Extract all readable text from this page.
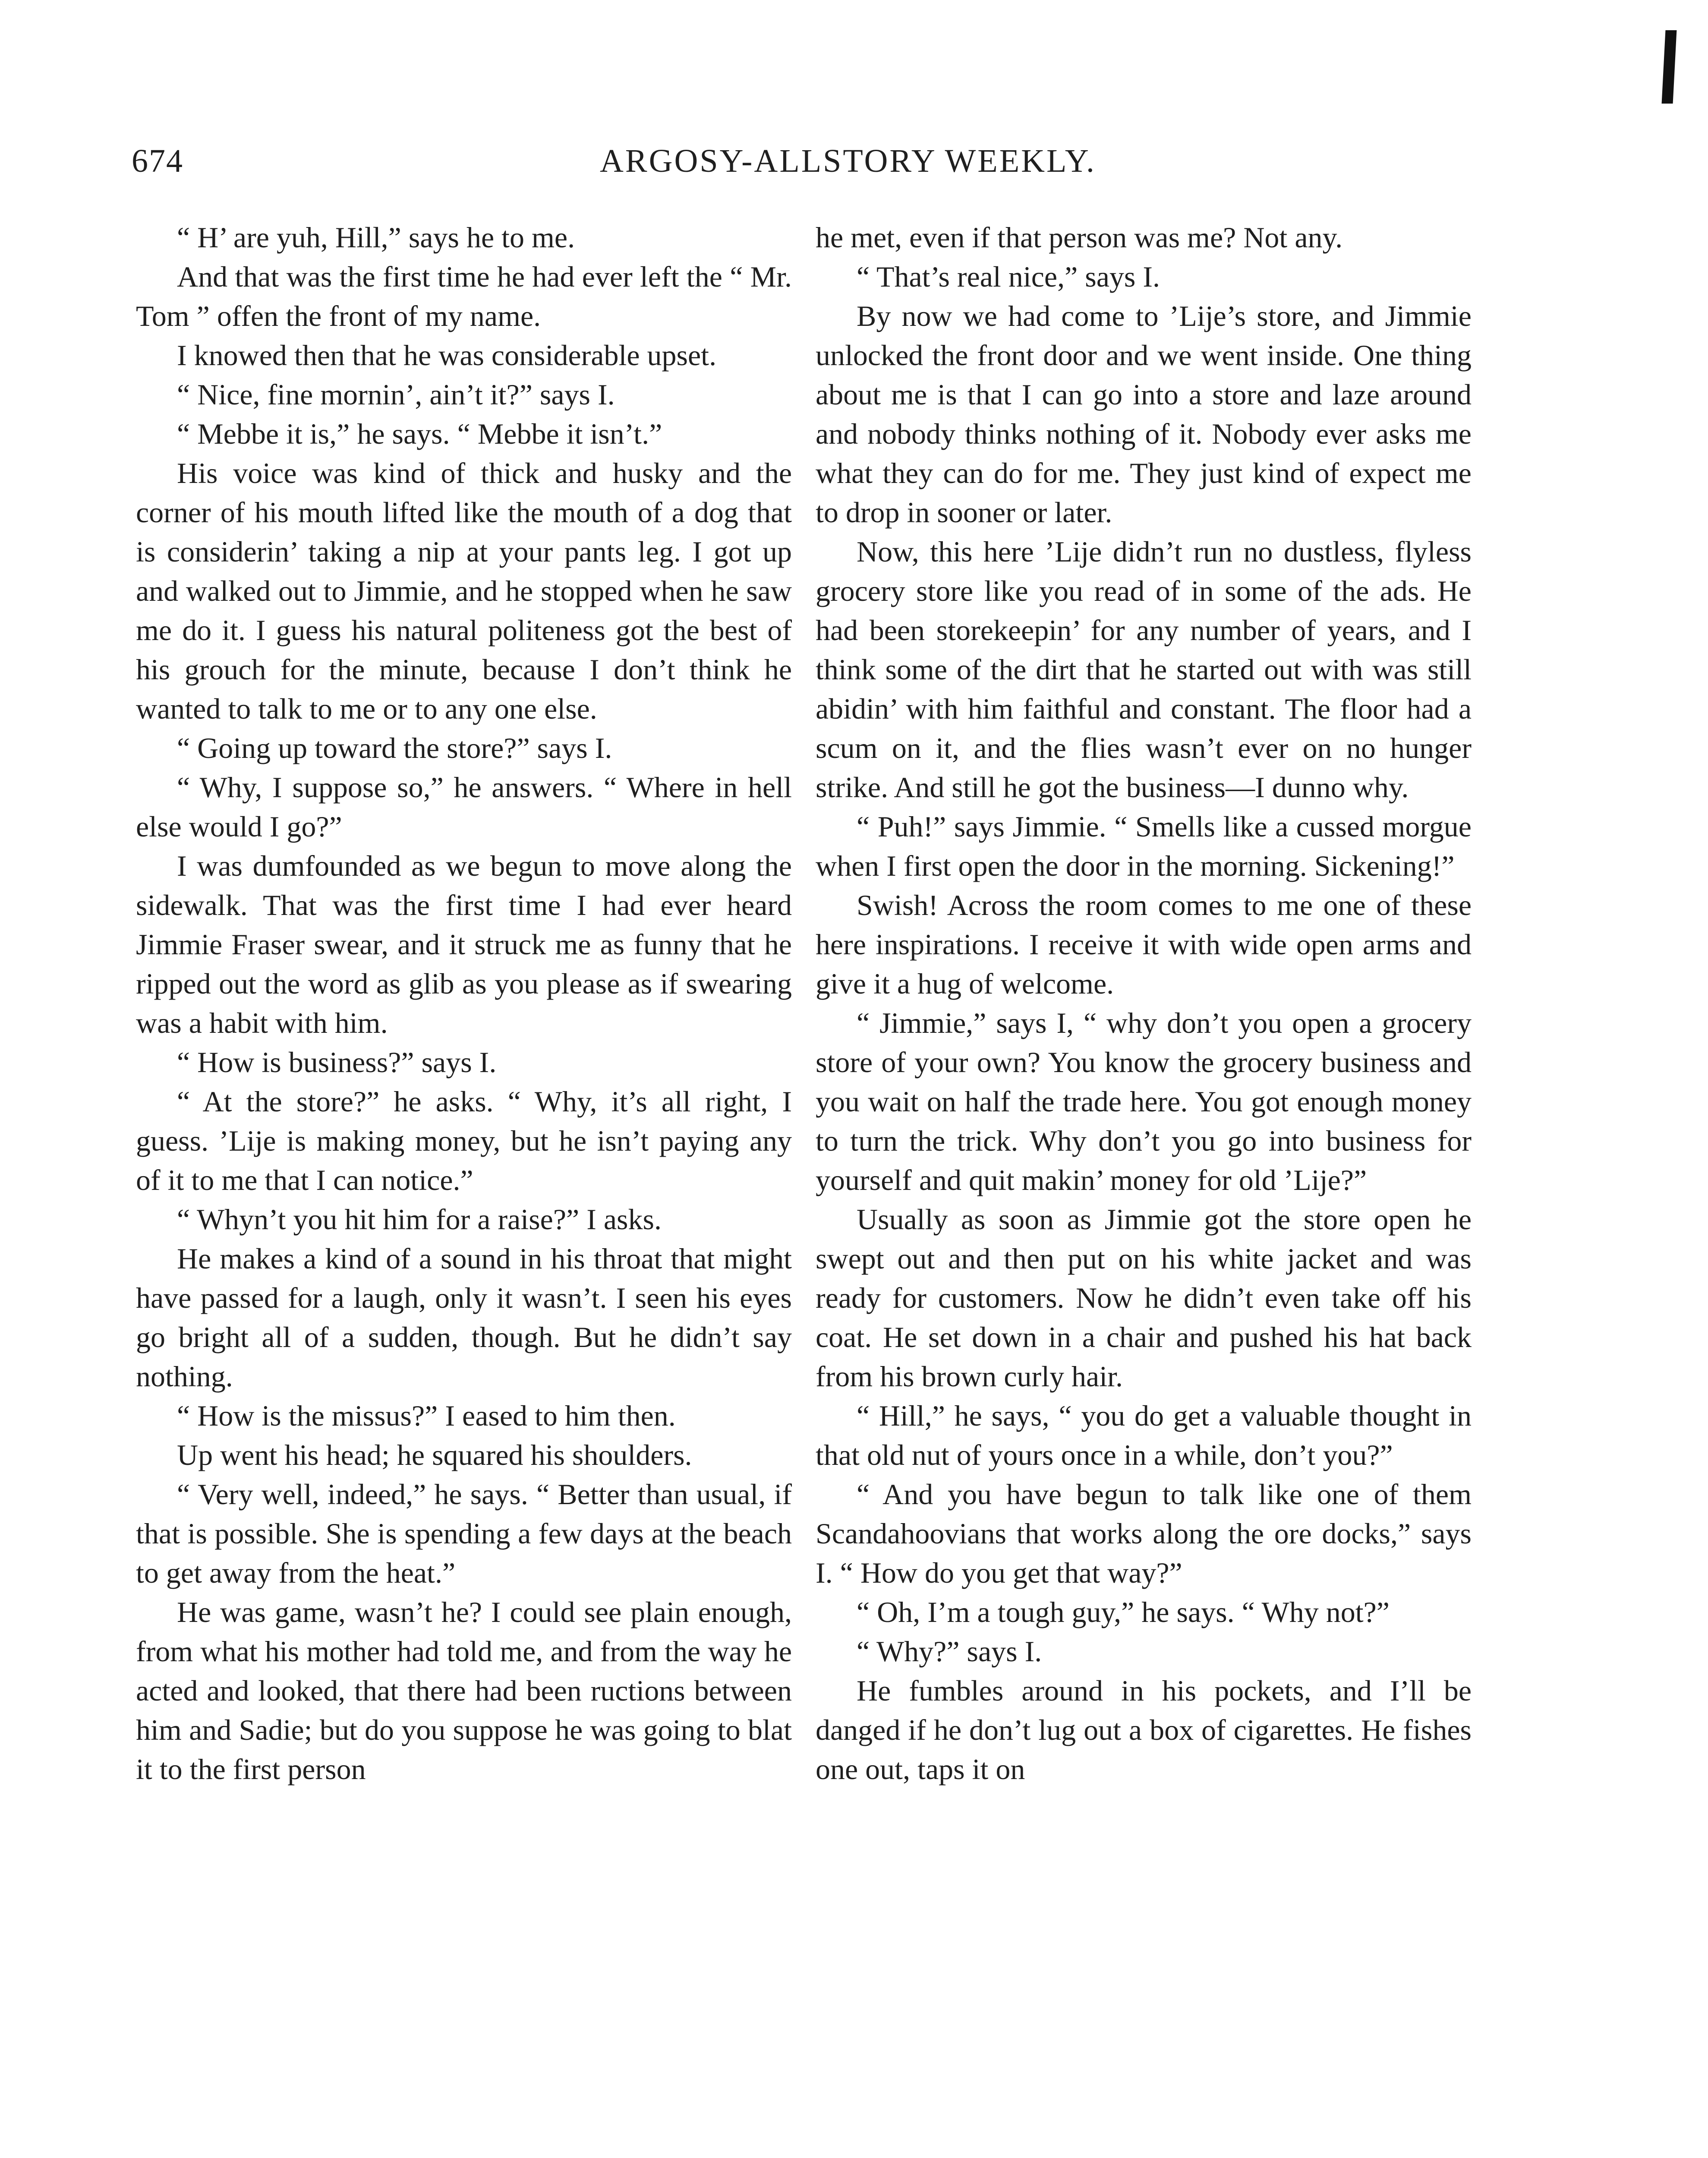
674	ARGOSY-ALLSTORY WEEKLY.

“ H’ are yuh, Hill,” says he to me.

And that was the first time he had ever left the “ Mr. Tom ” offen the front of my name.

I knowed then that he was considerable upset.

“ Nice, fine mornin’, ain’t it?” says I.

“ Mebbe it is,” he says. “ Mebbe it isn’t.”

His voice was kind of thick and husky and the corner of his mouth lifted like the mouth of a dog that is considerin’ taking a nip at your pants leg. I got up and walked out to Jimmie, and he stopped when he saw me do it. I guess his natural politeness got the best of his grouch for the minute, because I don’t think he wanted to talk to me or to any one else.

“ Going up toward the store?” says I.

“ Why, I suppose so,” he answers. “ Where in hell else would I go?”

I was dumfounded as we begun to move along the sidewalk. That was the first time I had ever heard Jimmie Fraser swear, and it struck me as funny that he ripped out the word as glib as you please as if swearing was a habit with him.

“ How is business?” says I.

“ At the store?” he asks. “ Why, it’s all right, I guess. ’Lije is making money, but he isn’t paying any of it to me that I can notice.”

“ Whyn’t you hit him for a raise?” I asks.

He makes a kind of a sound in his throat that might have passed for a laugh, only it wasn’t. I seen his eyes go bright all of a sudden, though. But he didn’t say nothing.

“ How is the missus?” I eased to him then.

Up went his head; he squared his shoulders.

“ Very well, indeed,” he says. “ Better than usual, if that is possible. She is spending a few days at the beach to get away from the heat.”

He was game, wasn’t he? I could see plain enough, from what his mother had told me, and from the way he acted and looked, that there had been ructions between him and Sadie; but do you suppose he was going to blat it to the first person

he met, even if that person was me? Not any.

“ That’s real nice,” says I.

By now we had come to ’Lije’s store, and Jimmie unlocked the front door and we went inside. One thing about me is that I can go into a store and laze around and nobody thinks nothing of it. Nobody ever asks me what they can do for me. They just kind of expect me to drop in sooner or later.

Now, this here ’Lije didn’t run no dustless, flyless grocery store like you read of in some of the ads. He had been storekeepin’ for any number of years, and I think some of the dirt that he started out with was still abidin’ with him faithful and constant. The floor had a scum on it, and the flies wasn’t ever on no hunger strike. And still he got the business—I dunno why.

“ Puh!” says Jimmie. “ Smells like a cussed morgue when I first open the door in the morning. Sickening!”

Swish! Across the room comes to me one of these here inspirations. I receive it with wide open arms and give it a hug of welcome.

“ Jimmie,” says I, “ why don’t you open a grocery store of your own? You know the grocery business and you wait on half the trade here. You got enough money to turn the trick. Why don’t you go into business for yourself and quit makin’ money for old ’Lije?”

Usually as soon as Jimmie got the store open he swept out and then put on his white jacket and was ready for customers. Now he didn’t even take off his coat. He set down in a chair and pushed his hat back from his brown curly hair.

“ Hill,” he says, “ you do get a valuable thought in that old nut of yours once in a while, don’t you?”

“ And you have begun to talk like one of them Scandahoovians that works along the ore docks,” says I. “ How do you get that way?”

“ Oh, I’m a tough guy,” he says. “ Why not?”

“ Why?” says I.

He fumbles around in his pockets, and I’ll be danged if he don’t lug out a box of cigarettes. He fishes one out, taps it on
